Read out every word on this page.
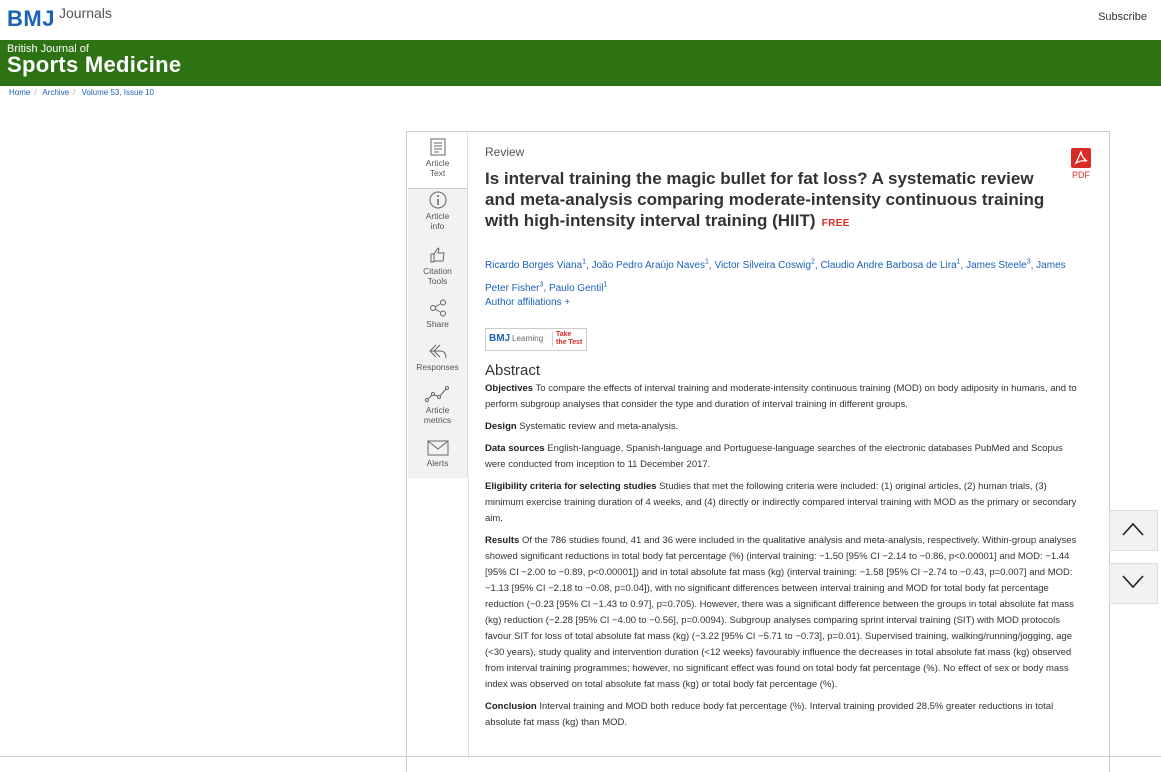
BMJ Journals	Subscribe
British Journal of
Sports Medicine
Home / Archive / Volume 53, Issue 10
Article
Text
Article
info
Citation
Tools
Share
Responses
Article
metrics
Alerts

Review

Is interval training the magic bullet for fat loss? A systematic review and meta-analysis comparing moderate-intensity continuous training with high-intensity interval training (HIIT) FREE
PDF
Ricardo Borges Viana$^1$, João Pedro Araújo Naves$^1$, Victor Silveira Coswig$^2$, Claudio Andre Barbosa de Lira$^1$, James Steele$^3$, James Peter Fisher$^3$, Paulo Gentil$^1$
Author affiliations +
BMJ Learning Take
the Test
Abstract

Objectives To compare the effects of interval training and moderate-intensity continuous training (MOD) on body adiposity in humans, and to perform subgroup analyses that consider the type and duration of interval training in different groups.

Design Systematic review and meta-analysis.

Data sources English-language, Spanish-language and Portuguese-language searches of the electronic databases PubMed and Scopus were conducted from inception to 11 December 2017.

Eligibility criteria for selecting studies Studies that met the following criteria were included: (1) original articles, (2) human trials, (3) minimum exercise training duration of 4 weeks, and (4) directly or indirectly compared interval training with MOD as the primary or secondary aim.

Results Of the 786 studies found, 41 and 36 were included in the qualitative analysis and meta-analysis, respectively. Within-group analyses showed significant reductions in total body fat percentage (%) (interval training: −1.50 [95% CI −2.14 to −0.86, p<0.00001] and MOD: −1.44 [95% CI −2.00 to −0.89, p<0.00001]) and in total absolute fat mass (kg) (interval training: −1.58 [95% CI −2.74 to −0.43, p=0.007] and MOD: −1.13 [95% CI −2.18 to −0.08, p=0.04]), with no significant differences between interval training and MOD for total body fat percentage reduction (−0.23 [95% CI −1.43 to 0.97], p=0.705). However, there was a significant difference between the groups in total absolute fat mass (kg) reduction (−2.28 [95% CI −4.00 to −0.56], p=0.0094). Subgroup analyses comparing sprint interval training (SIT) with MOD protocols favour SIT for loss of total absolute fat mass (kg) (−3.22 [95% CI −5.71 to −0.73], p=0.01). Supervised training, walking/running/jogging, age (<30 years), study quality and intervention duration (<12 weeks) favourably influence the decreases in total absolute fat mass (kg) observed from interval training programmes; however, no significant effect was found on total body fat percentage (%). No effect of sex or body mass index was observed on total absolute fat mass (kg) or total body fat percentage (%).

Conclusion Interval training and MOD both reduce body fat percentage (%). Interval training provided 28.5% greater reductions in total absolute fat mass (kg) than MOD.
